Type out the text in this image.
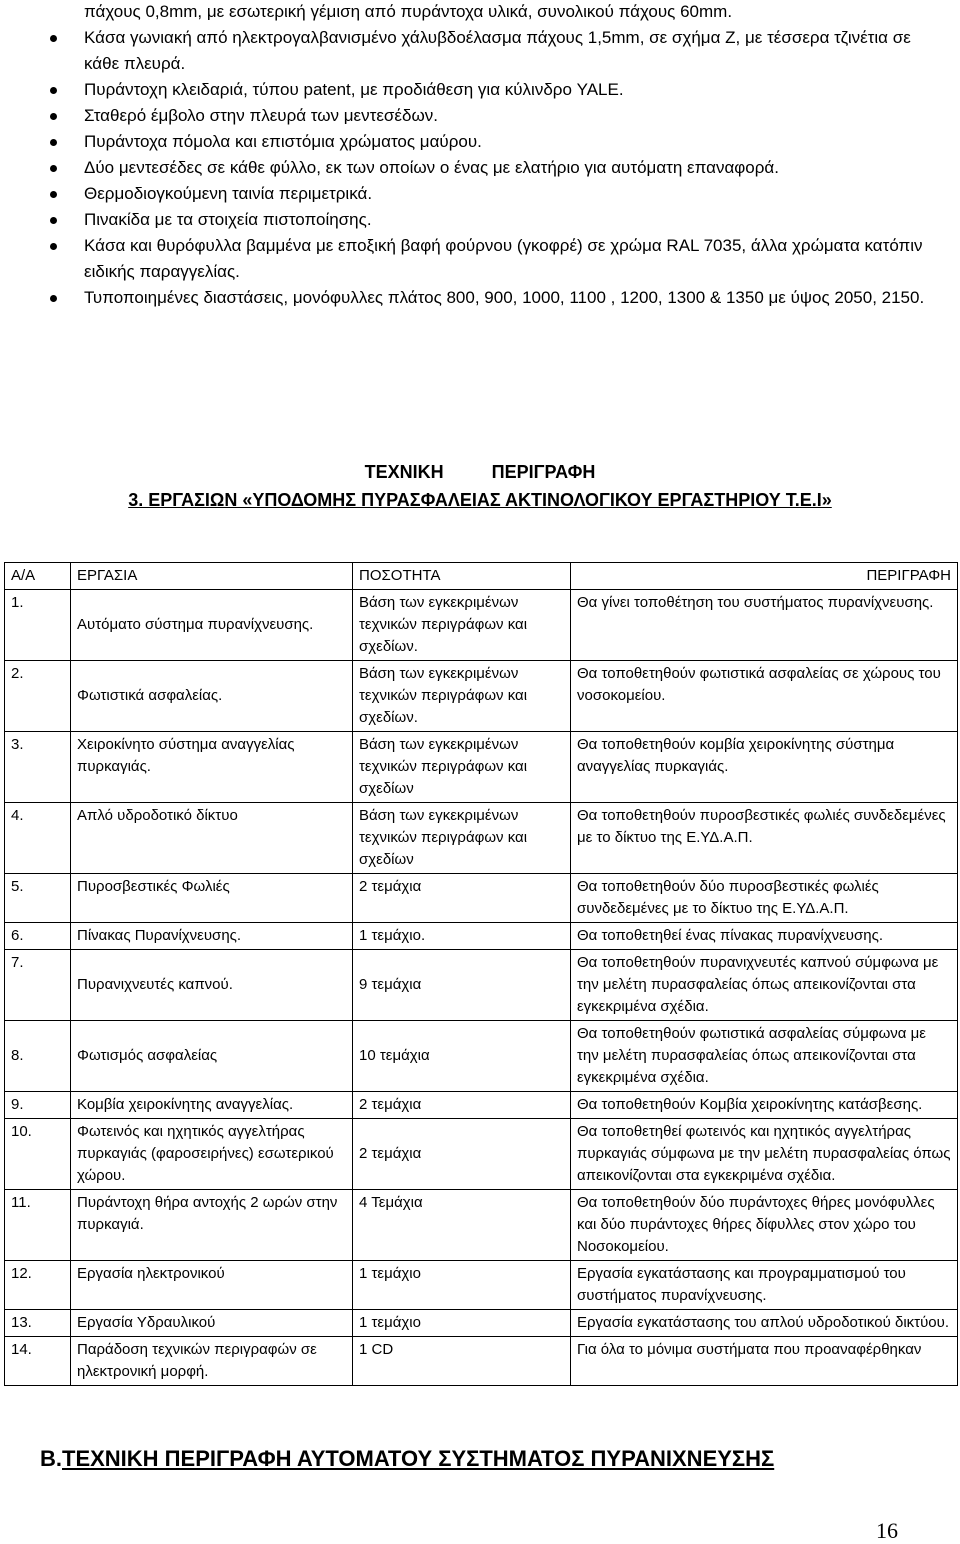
πάχους 0,8mm, με εσωτερική γέμιση από πυράντοχα υλικά, συνολικού πάχους 60mm.
Κάσα γωνιακή από ηλεκτρογαλβανισμένο χάλυβδοέλασμα πάχους 1,5mm, σε σχήμα Ζ, με τέσσερα τζινέτια σε κάθε πλευρά.
Πυράντοχη κλειδαριά, τύπου patent, με προδιάθεση για κύλινδρο YALE.
Σταθερό έμβολο στην πλευρά των μεντεσέδων.
Πυράντοχα πόμολα και επιστόμια χρώματος μαύρου.
Δύο μεντεσέδες σε κάθε φύλλο, εκ των οποίων ο ένας με ελατήριο για αυτόματη επαναφορά.
Θερμοδιογκούμενη ταινία περιμετρικά.
Πινακίδα με τα στοιχεία πιστοποίησης.
Κάσα και θυρόφυλλα βαμμένα με εποξική βαφή φούρνου (γκοφρέ) σε χρώμα RAL 7035, άλλα χρώματα κατόπιν ειδικής παραγγελίας.
Τυποποιημένες διαστάσεις, μονόφυλλες πλάτος 800, 900, 1000, 1100 , 1200, 1300 & 1350 με ύψος 2050, 2150.
ΤΕΧΝΙΚΗ	ΠΕΡΙΓΡΑΦΗ
3. ΕΡΓΑΣΙΩΝ «ΥΠΟΔΟΜΗΣ ΠΥΡΑΣΦΑΛΕΙΑΣ ΑΚΤΙΝΟΛΟΓΙΚΟΥ ΕΡΓΑΣΤΗΡΙΟΥ Τ.Ε.Ι»
Α/Α	ΕΡΓΑΣΙΑ	ΠΟΣΟΤΗΤΑ	ΠΕΡΙΓΡΑΦΗ
1.	Αυτόματο σύστημα πυρανίχνευσης.	Βάση των εγκεκριμένων τεχνικών περιγράφων και σχεδίων.	Θα γίνει τοποθέτηση του συστήματος πυρανίχνευσης.
2.	Φωτιστικά ασφαλείας.	Βάση των εγκεκριμένων τεχνικών περιγράφων και σχεδίων.	Θα τοποθετηθούν φωτιστικά ασφαλείας σε χώρους του νοσοκομείου.
3.	Χειροκίνητο σύστημα αναγγελίας πυρκαγιάς.	Βάση των εγκεκριμένων τεχνικών περιγράφων και σχεδίων	Θα τοποθετηθούν κομβία χειροκίνητης σύστημα αναγγελίας πυρκαγιάς.
4.	Απλό υδροδοτικό δίκτυο	Βάση των εγκεκριμένων τεχνικών περιγράφων και σχεδίων	Θα τοποθετηθούν πυροσβεστικές φωλιές συνδεδεμένες με το δίκτυο της Ε.ΥΔ.Α.Π.
5.	Πυροσβεστικές Φωλιές	2 τεμάχια	Θα τοποθετηθούν δύο πυροσβεστικές φωλιές συνδεδεμένες με το δίκτυο της Ε.ΥΔ.Α.Π.
6.	Πίνακας Πυρανίχνευσης.	1 τεμάχιο.	Θα τοποθετηθεί ένας πίνακας πυρανίχνευσης.
7.	Πυρανιχνευτές καπνού.	9 τεμάχια	Θα τοποθετηθούν πυρανιχνευτές καπνού σύμφωνα με την μελέτη πυρασφαλείας όπως απεικονίζονται στα εγκεκριμένα σχέδια.
8.	Φωτισμός ασφαλείας	10 τεμάχια	Θα τοποθετηθούν φωτιστικά ασφαλείας σύμφωνα με την μελέτη πυρασφαλείας όπως απεικονίζονται στα εγκεκριμένα σχέδια.
9.	Κομβία χειροκίνητης αναγγελίας.	2 τεμάχια	Θα τοποθετηθούν Κομβία χειροκίνητης κατάσβεσης.
10.	Φωτεινός και ηχητικός αγγελτήρας πυρκαγιάς (φαροσειρήνες) εσωτερικού χώρου.	2 τεμάχια	Θα τοποθετηθεί φωτεινός και ηχητικός αγγελτήρας πυρκαγιάς σύμφωνα με την μελέτη πυρασφαλείας όπως απεικονίζονται στα εγκεκριμένα σχέδια.
11.	Πυράντοχη θήρα αντοχής 2 ωρών στην πυρκαγιά.	4 Τεμάχια	Θα τοποθετηθούν δύο πυράντοχες θήρες μονόφυλλες και δύο πυράντοχες θήρες δίφυλλες στον χώρο του Νοσοκομείου.
12.	Εργασία ηλεκτρονικού	1 τεμάχιο	Εργασία εγκατάστασης και προγραμματισμού του συστήματος πυρανίχνευσης.
13.	Εργασία Υδραυλικού	1 τεμάχιο	Εργασία εγκατάστασης του απλού υδροδοτικού δικτύου.
14.	Παράδοση τεχνικών περιγραφών σε ηλεκτρονική μορφή.	1 CD	Για όλα το μόνιμα συστήματα που προαναφέρθηκαν
Β.ΤΕΧΝΙΚΗ ΠΕΡΙΓΡΑΦΗ ΑΥΤΟΜΑΤΟΥ ΣΥΣΤΗΜΑΤΟΣ ΠΥΡΑΝΙΧΝΕΥΣΗΣ
16
